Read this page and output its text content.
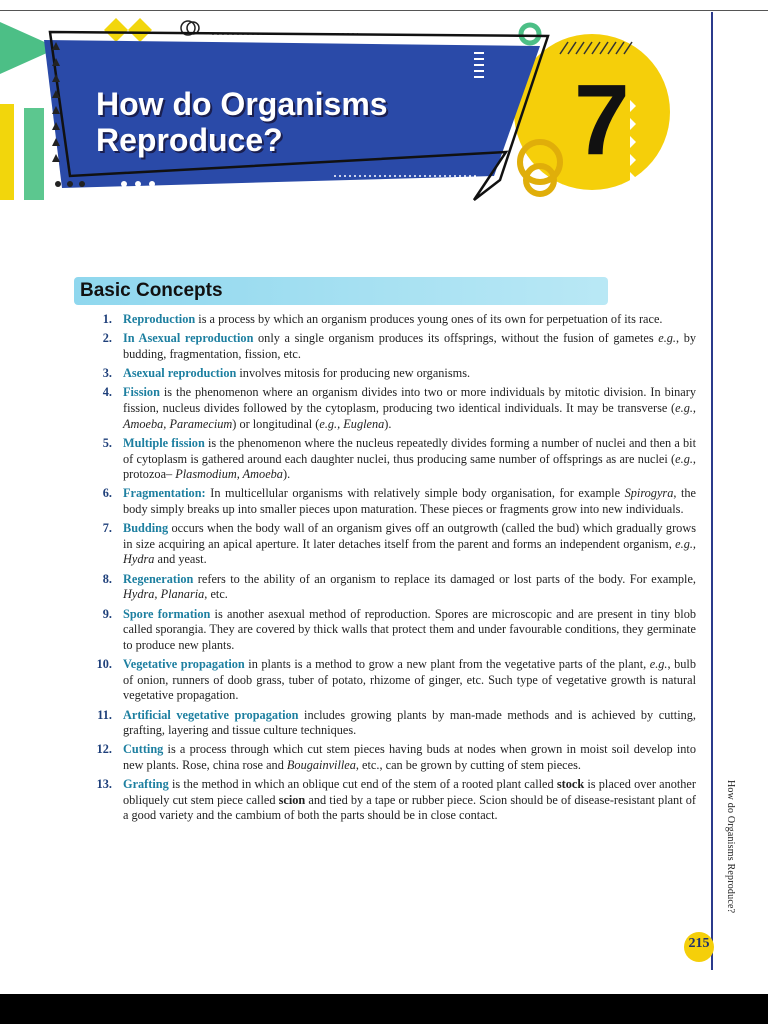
How do Organisms
Reproduce?	7
Basic Concepts
1. Reproduction is a process by which an organism produces young ones of its own for perpetuation of its race.
2. In Asexual reproduction only a single organism produces its offsprings, without the fusion of gametes e.g., by budding, fragmentation, fission, etc.
3. Asexual reproduction involves mitosis for producing new organisms.
4. Fission is the phenomenon where an organism divides into two or more individuals by mitotic division. In binary fission, nucleus divides followed by the cytoplasm, producing two identical individuals. It may be transverse (e.g., Amoeba, Paramecium) or longitudinal (e.g., Euglena).
5. Multiple fission is the phenomenon where the nucleus repeatedly divides forming a number of nuclei and then a bit of cytoplasm is gathered around each daughter nuclei, thus producing same number of offsprings as are nuclei (e.g., protozoa– Plasmodium, Amoeba).
6. Fragmentation: In multicellular organisms with relatively simple body organisation, for example Spirogyra, the body simply breaks up into smaller pieces upon maturation. These pieces or fragments grow into new individuals.
7. Budding occurs when the body wall of an organism gives off an outgrowth (called the bud) which gradually grows in size acquiring an apical aperture. It later detaches itself from the parent and forms an independent organism, e.g., Hydra and yeast.
8. Regeneration refers to the ability of an organism to replace its damaged or lost parts of the body. For example, Hydra, Planaria, etc.
9. Spore formation is another asexual method of reproduction. Spores are microscopic and are present in tiny blob called sporangia. They are covered by thick walls that protect them and under favourable conditions, they germinate to produce new plants.
10. Vegetative propagation in plants is a method to grow a new plant from the vegetative parts of the plant, e.g., bulb of onion, runners of doob grass, tuber of potato, rhizome of ginger, etc. Such type of vegetative growth is natural vegetative propagation.
11. Artificial vegetative propagation includes growing plants by man-made methods and is achieved by cutting, grafting, layering and tissue culture techniques.
12. Cutting is a process through which cut stem pieces having buds at nodes when grown in moist soil develop into new plants. Rose, china rose and Bougainvillea, etc., can be grown by cutting of stem pieces.
13. Grafting is the method in which an oblique cut end of the stem of a rooted plant called stock is placed over another obliquely cut stem piece called scion and tied by a tape or rubber piece. Scion should be of disease-resistant plant of a good variety and the cambium of both the parts should be in close contact.	How do Organisms Reproduce?
215
